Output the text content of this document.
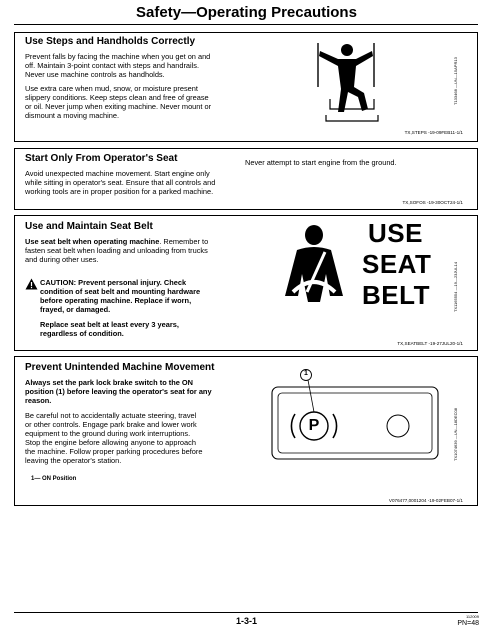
Safety—Operating Precautions
Use Steps and Handholds Correctly
Prevent falls by facing the machine when you get on and
off. Maintain 3-point contact with steps and handrails.
Never use machine controls as handholds.
Use extra care when mud, snow, or moisture present
slippery conditions. Keep steps clean and free of grease
or oil. Never jump when exiting machine. Never mount or
dismount a moving machine.
T133468 —UN—15APR13
TX,STEPS -19-09FEB11-1/1
Start Only From Operator's Seat
Avoid unexpected machine movement. Start engine only
while sitting in operator's seat. Ensure that all controls and
working tools are in proper position for a parked machine.
Never attempt to start engine from the ground.
TX,SOFOS -19-30OCT24-1/1
Use and Maintain Seat Belt
Use seat belt when operating machine. Remember to
fasten seat belt when loading and unloading from trucks
and during other uses.
CAUTION: Prevent personal injury. Check
condition of seat belt and mounting hardware
before operating machine. Replace if worn,
frayed, or damaged.
Replace seat belt at least every 3 years,
regardless of condition.
USE
SEAT
BELT	TX1165554 —19—23JUL14
TX,SEATBELT -19-27JUL20-1/1
Prevent Unintended Machine Movement
Always set the park lock brake switch to the ON
position (1) before leaving the operator's seat for any
reason.
Be careful not to accidentally actuate steering, travel
or other controls. Engage park brake and lower work
equipment to the ground during work interruptions.
Stop the engine before allowing anyone to approach
the machine. Follow proper parking procedures before
leaving the operator's station.
1— ON Position
1
P	TX1074639 —UN—18DEC08
V076477,0001204 -19-02FEB07-1/1
1-3-1	112009
PN=48
